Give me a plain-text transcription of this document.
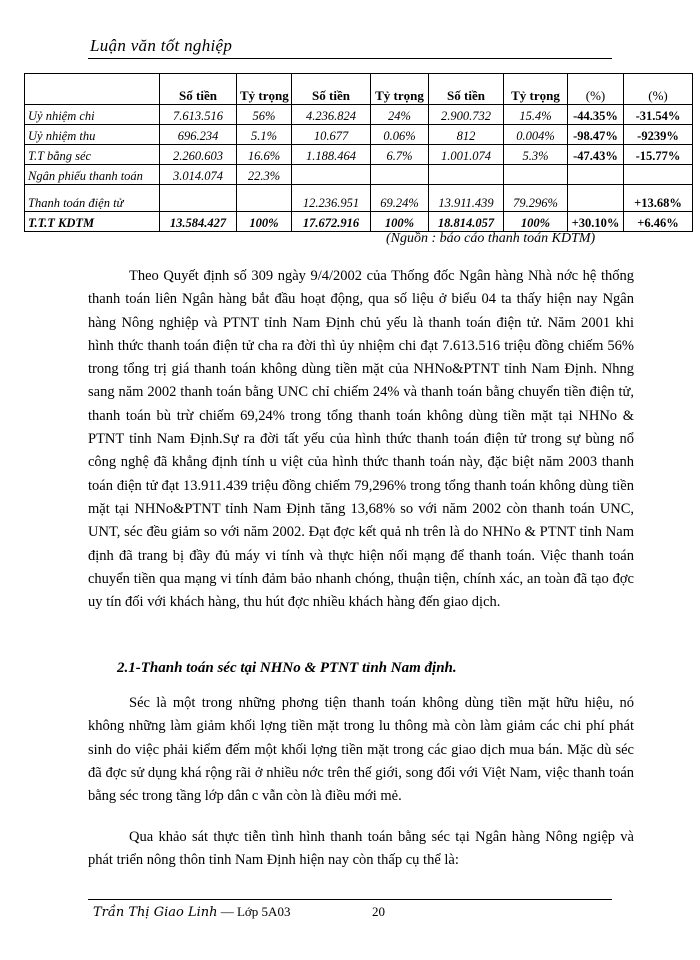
Luận văn tốt nghiệp
	Số tiền	Tỷ trọng	Số tiền	Tỷ trọng	Số tiền	Tỷ trọng	(%)	(%)
Uỷ nhiệm chi	7.613.516	56%	4.236.824	24%	2.900.732	15.4%	-44.35%	-31.54%
Uỷ nhiệm thu	696.234	5.1%	10.677	0.06%	812	0.004%	-98.47%	-9239%
T.T bằng séc	2.260.603	16.6%	1.188.464	6.7%	1.001.074	5.3%	-47.43%	-15.77%
Ngân phiếu thanh toán	3.014.074	22.3%						
Thanh toán điện tử			12.236.951	69.24%	13.911.439	79.296%		+13.68%
T.T.T KDTM	13.584.427	100%	17.672.916	100%	18.814.057	100%	+30.10%	+6.46%
(Nguồn : báo cáo thanh toán KDTM)

Theo Quyết định số 309 ngày 9/4/2002 của Thống đốc Ngân hàng Nhà nớc hệ thống thanh toán liên Ngân hàng bắt đầu hoạt động, qua số liệu ở biểu 04 ta thấy hiện nay Ngân hàng Nông nghiệp và PTNT tỉnh Nam Định chủ yếu là thanh toán điện tử. Năm 2001 khi hình thức thanh toán điện tử cha ra đời thì ủy nhiệm chi đạt 7.613.516 triệu đồng chiếm 56% trong tổng trị giá thanh toán không dùng tiền mặt của NHNo&PTNT tỉnh Nam Định. Nhng sang năm 2002 thanh toán bằng UNC chỉ chiếm 24% và thanh toán bằng chuyển tiền điện tử, thanh toán bù trừ chiếm 69,24% trong tổng thanh toán không dùng tiền mặt tại NHNo & PTNT tỉnh Nam Định.Sự ra đời tất yếu của hình thức thanh toán điện tử trong sự bùng nổ công nghệ đã khẳng định tính u việt của hình thức thanh toán này, đặc biệt năm 2003 thanh toán điện tử đạt 13.911.439 triệu đồng chiếm 79,296% trong tổng thanh toán không dùng tiền mặt tại NHNo&PTNT tỉnh Nam Định tăng 13,68% so với năm 2002 còn thanh toán UNC, UNT, séc đều giảm so với năm 2002. Đạt đợc kết quả nh trên là do NHNo & PTNT tỉnh Nam định đã trang bị đầy đủ máy vi tính và thực hiện nối mạng để thanh toán. Việc thanh toán chuyển tiền qua mạng vi tính đảm bảo nhanh chóng, thuận tiện, chính xác, an toàn đã tạo đợc uy tín đối với khách hàng, thu hút đợc nhiều khách hàng đến giao dịch.

2.1-Thanh toán séc tại NHNo & PTNT tỉnh Nam định.

Séc là một trong những phơng tiện thanh toán không dùng tiền mặt hữu hiệu, nó không những làm giảm khối lợng tiền mặt trong lu thông mà còn làm giảm các chi phí phát sinh do việc phải kiểm đếm một khối lợng tiền mặt trong các giao dịch mua bán. Mặc dù séc đã đợc sử dụng khá rộng rãi ở nhiều nớc trên thế giới, song đối với Việt Nam, việc thanh toán bằng séc trong tầng lớp dân c vẫn còn là điều mới mẻ.

Qua khảo sát thực tiễn tình hình thanh toán bằng séc tại Ngân hàng Nông ngiệp và phát triển nông thôn tỉnh Nam Định hiện nay còn thấp cụ thể là:

Trần Thị Giao Linh — Lớp 5A03	20
